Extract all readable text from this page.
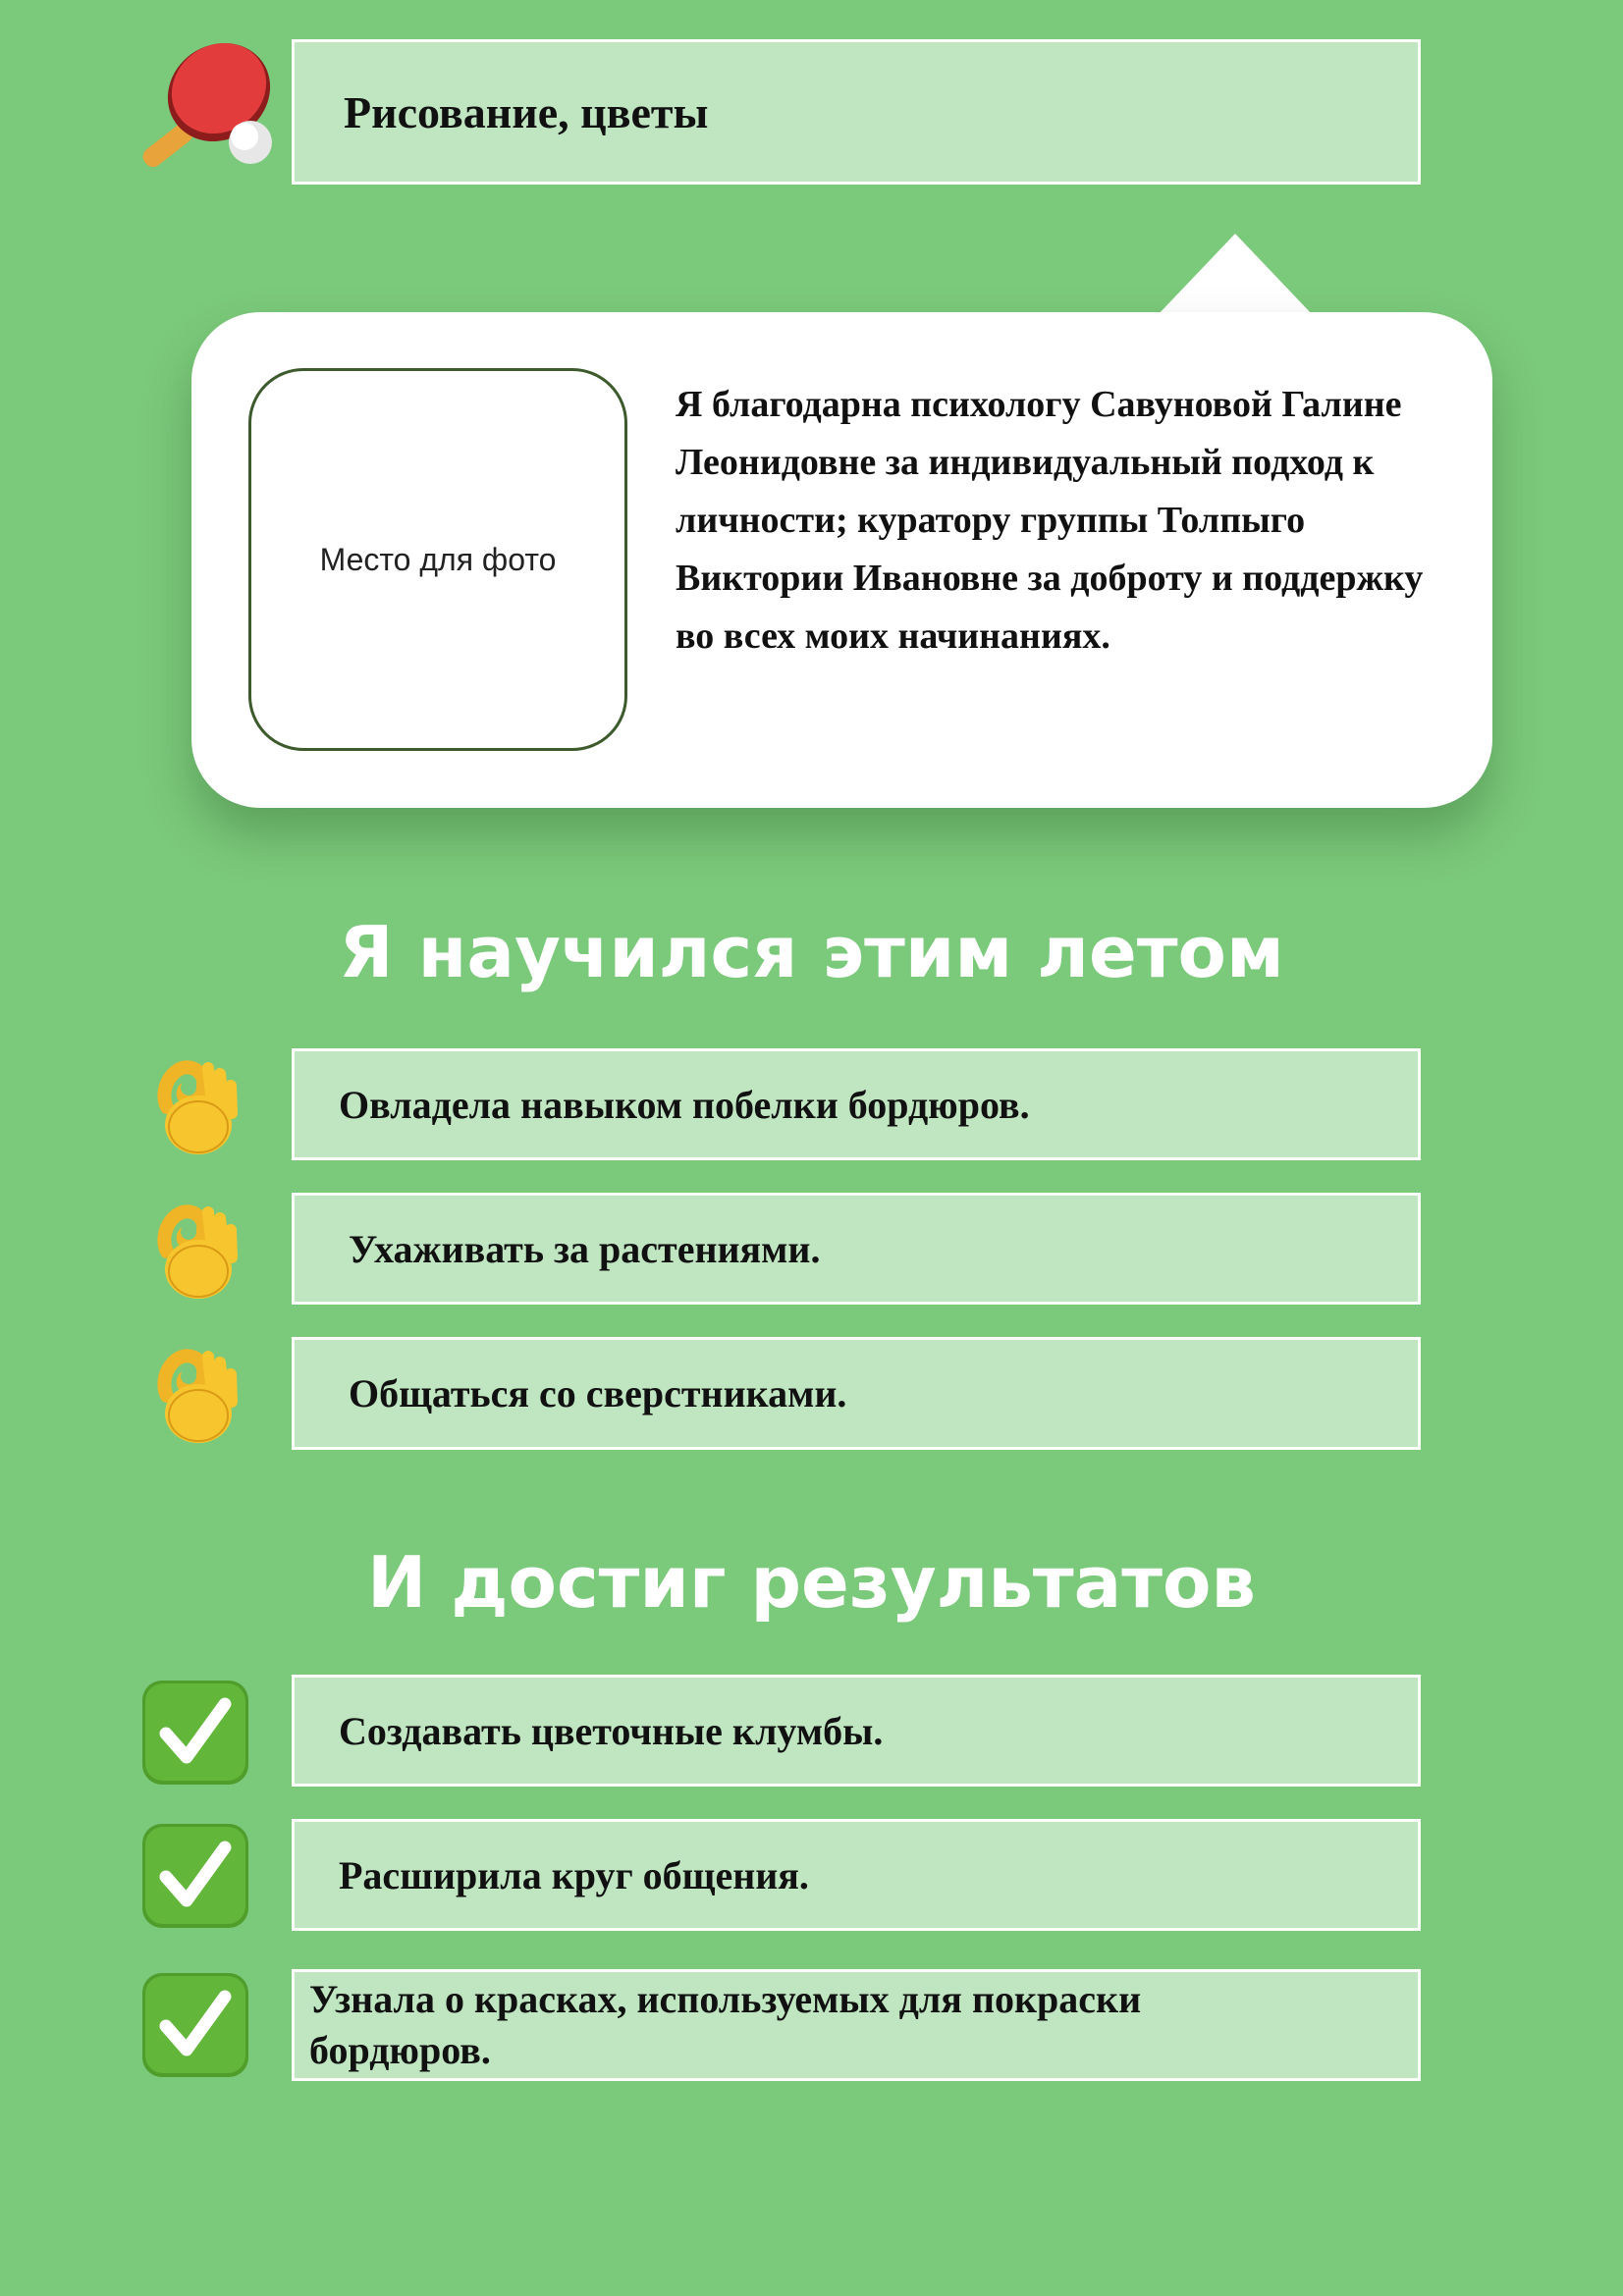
Рисование, цветы
Место для фото

Я благодарна психологу Савуновой Галине Леонидовне за индивидуальный подход к личности; куратору группы Толпыго Виктории Ивановне за доброту и поддержку во всех моих начинаниях.

Я научился этим летом
Овладела навыком побелки бордюров.
Ухаживать за растениями.
Общаться со сверстниками.
И достиг результатов
Создавать цветочные клумбы.
Расширила круг общения.
Узнала о красках, используемых для покраски бордюров.
